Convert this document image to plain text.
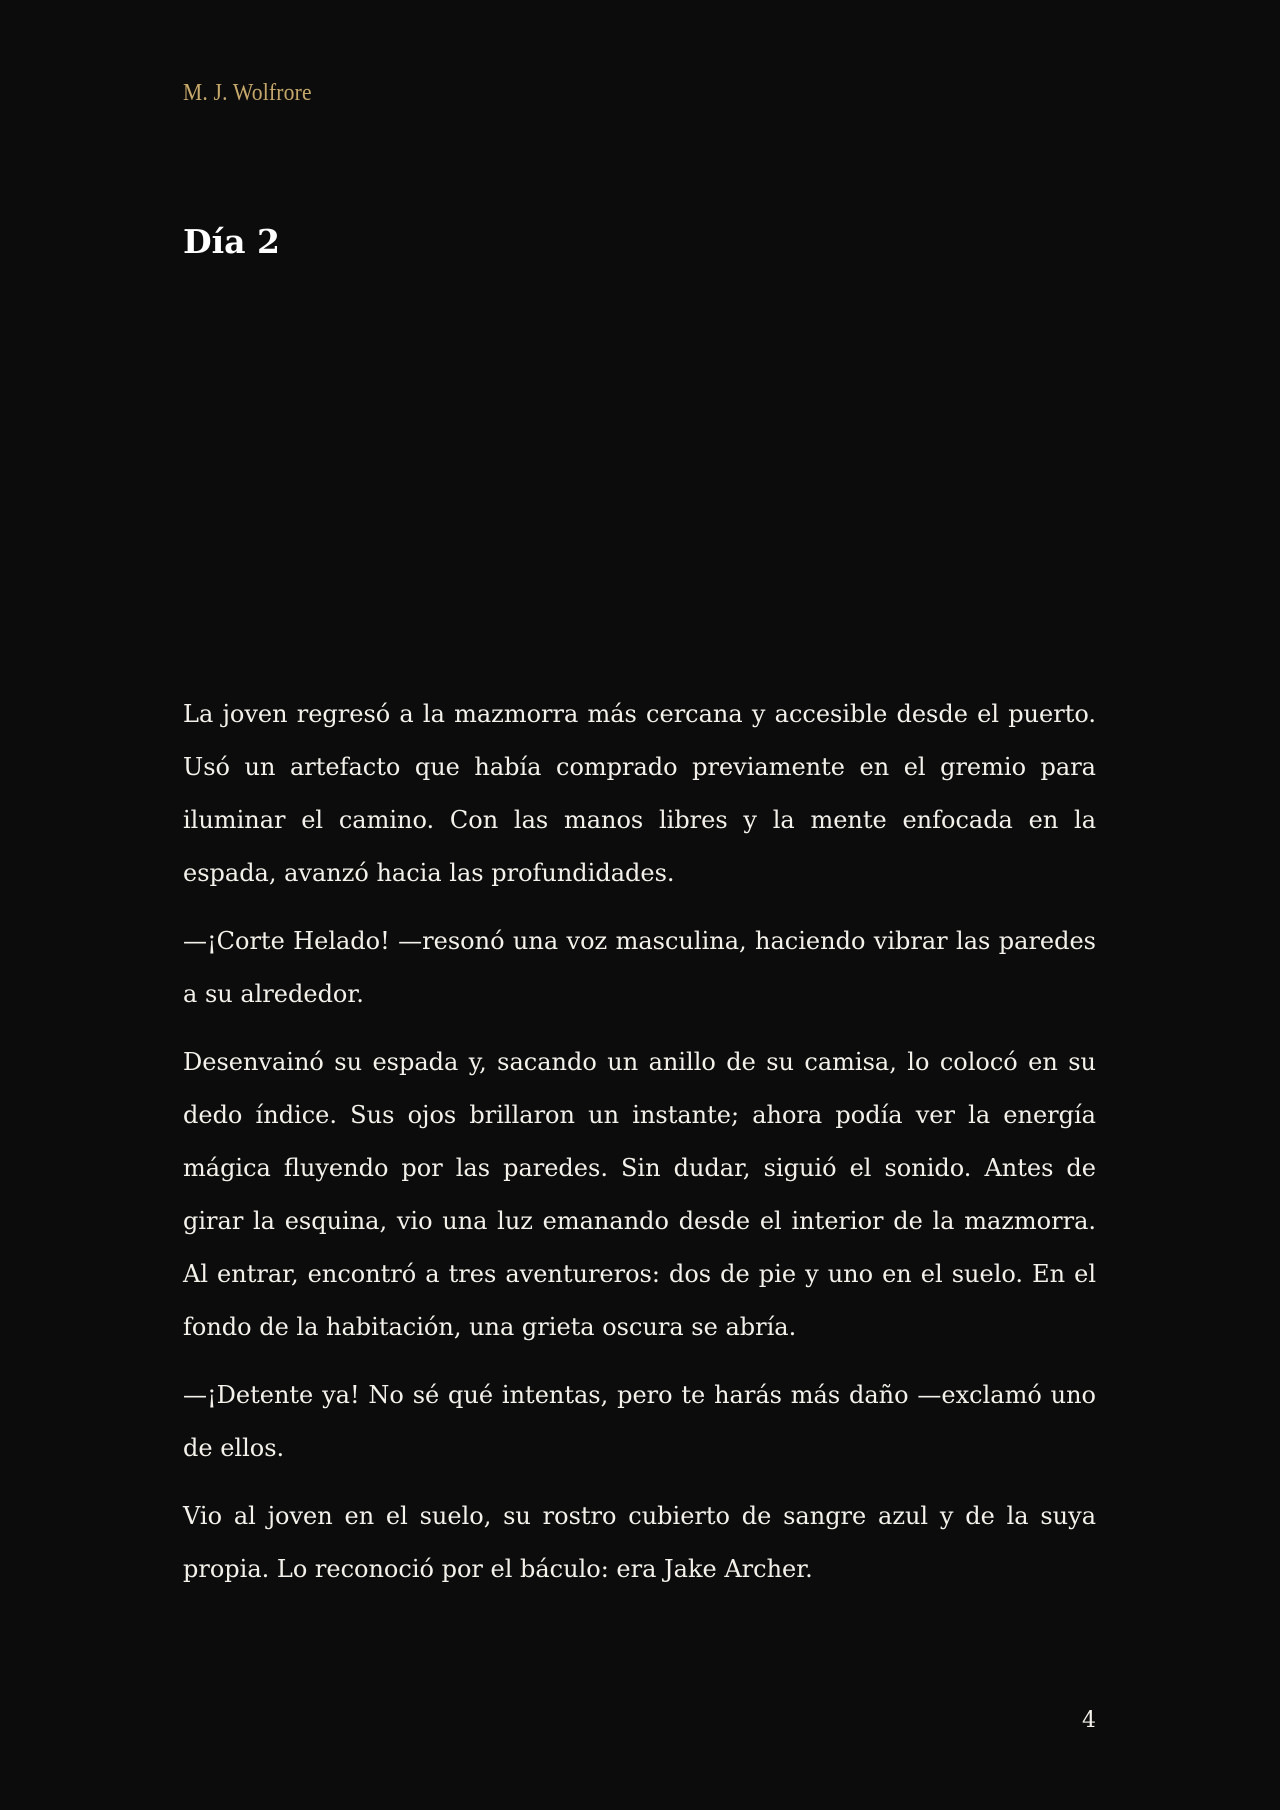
M. J. Wolfrore
Día 2

La joven regresó a la mazmorra más cercana y accesible desde el puerto. Usó un artefacto que había comprado previamente en el gremio para iluminar el camino. Con las manos libres y la mente enfocada en la espada, avanzó hacia las profundidades.

—¡Corte Helado! —resonó una voz masculina, haciendo vibrar las paredes a su alrededor.

Desenvainó su espada y, sacando un anillo de su camisa, lo colocó en su dedo índice. Sus ojos brillaron un instante; ahora podía ver la energía mágica fluyendo por las paredes. Sin dudar, siguió el sonido. Antes de girar la esquina, vio una luz emanando desde el interior de la mazmorra. Al entrar, encontró a tres aventureros: dos de pie y uno en el suelo. En el fondo de la habitación, una grieta oscura se abría.

—¡Detente ya! No sé qué intentas, pero te harás más daño —exclamó uno de ellos.

Vio al joven en el suelo, su rostro cubierto de sangre azul y de la suya propia. Lo reconoció por el báculo: era Jake Archer.

4
